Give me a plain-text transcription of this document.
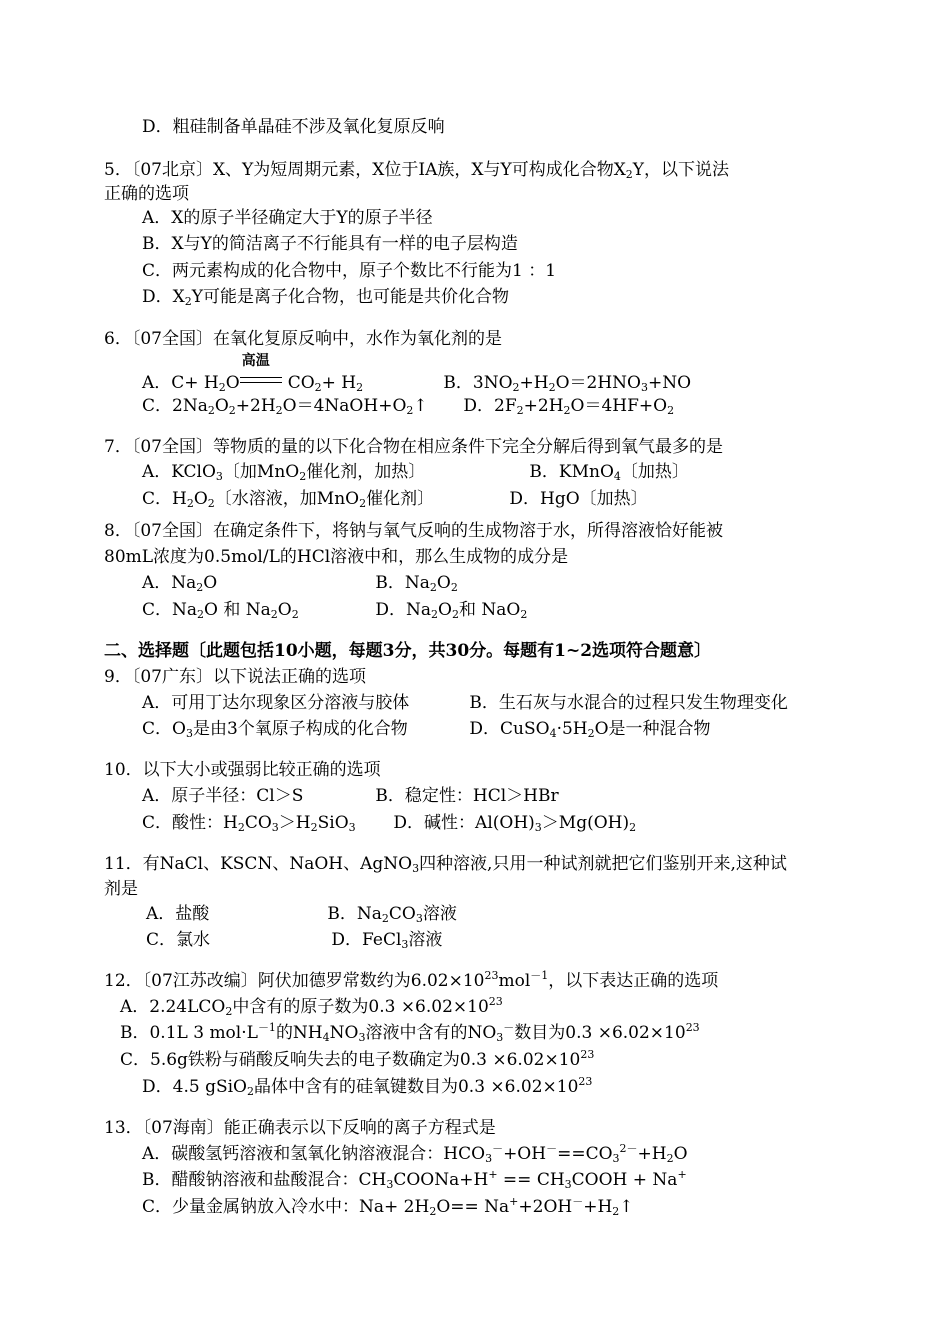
D．粗硅制备单晶硅不涉及氧化复原反响
5．〔07北京〕X、Y为短周期元素，X位于IA族，X与Y可构成化合物$X_2Y$，以下说法
正确的选项
A．X的原子半径确定大于Y的原子半径
B．X与Y的简洁离子不行能具有一样的电子层构造
C．两元素构成的化合物中，原子个数比不行能为1 ：1
D．$X_2Y$可能是离子化合物，也可能是共价化合物
6．〔07全国〕在氧化复原反响中，水作为氧化剂的是
A．$C+ H_2O$
高温
$CO_2+ H_2$	B．$3NO_2+H_2O=2HNO_3+NO$
C．$2Na_2O_2+2H_2O=4NaOH+O_2↑$ D．$2F_2+2H_2O=4HF+O_2$
7．〔07全国〕等物质的量的以下化合物在相应条件下完全分解后得到氧气最多的是
A．KClO$_3$〔加MnO$_2$催化剂，加热〕	B．KMnO$_4$〔加热〕
C．$H_2O_2$〔水溶液，加MnO$_2$催化剂〕	D．HgO〔加热〕
8．〔07全国〕在确定条件下，将钠与氧气反响的生成物溶于水，所得溶液恰好能被
80mL浓度为0.5mol/L的HCl溶液中和，那么生成物的成分是
A．$Na_2O$	B．$Na_2O_2$
C．$Na_2O$ 和 $Na_2O_2$	D．$Na_2O_2$和 NaO$_2$
二、选择题〔此题包括10小题，每题3分，共30分。每题有1~2选项符合题意〕
9．〔07广东〕以下说法正确的选项
A．可用丁达尔现象区分溶液与胶体	B．生石灰与水混合的过程只发生物理变化
C．$O_3$是由3个氧原子构成的化合物	D．$CuSO_4\cdot 5H_2O$是一种混合物
10．以下大小或强弱比较正确的选项
A．原子半径：Cl＞S	B．稳定性：HCl＞HBr
C．酸性：$H_2CO_3>H_2SiO_3$ D．碱性：$Al(OH)_3>Mg(OH)_2$
11．有NaCl、KSCN、NaOH、AgNO$_3$四种溶液,只用一种试剂就把它们鉴别开来,这种试
剂是
A．盐酸	B．$Na_2CO_3$溶液
C．氯水	D．FeCl$_3$溶液
12．〔07江苏改编〕阿伏加德罗常数约为$6.02\times 10^{23}mol^{-1}$，以下表达正确的选项
A．$2.24LCO_2$中含有的原子数为$0.3 \times 6.02\times 10^{23}$
B．0.1L 3 $mol\cdot L^{-1}$的$NH_4NO_3$溶液中含有的$NO_3^-$数目为$0.3 \times 6.02\times 10^{23}$
C．5.6g铁粉与硝酸反响失去的电子数确定为$0.3 \times 6.02\times 10^{23}$
D．4.5 gSiO$_2$晶体中含有的硅氧键数目为$0.3 \times 6.02\times 10^{23}$
13．〔07海南〕能正确表示以下反响的离子方程式是
A．碳酸氢钙溶液和氢氧化钠溶液混合：$HCO_3^-+OH^-==CO_3^{2-}+H_2O$
B．醋酸钠溶液和盐酸混合：$CH_3COONa+H^+$ == $CH_3COOH + Na^+$
C．少量金属钠放入冷水中：$Na+ 2H_2O==$ $Na^++2OH^-+H_2↑$
